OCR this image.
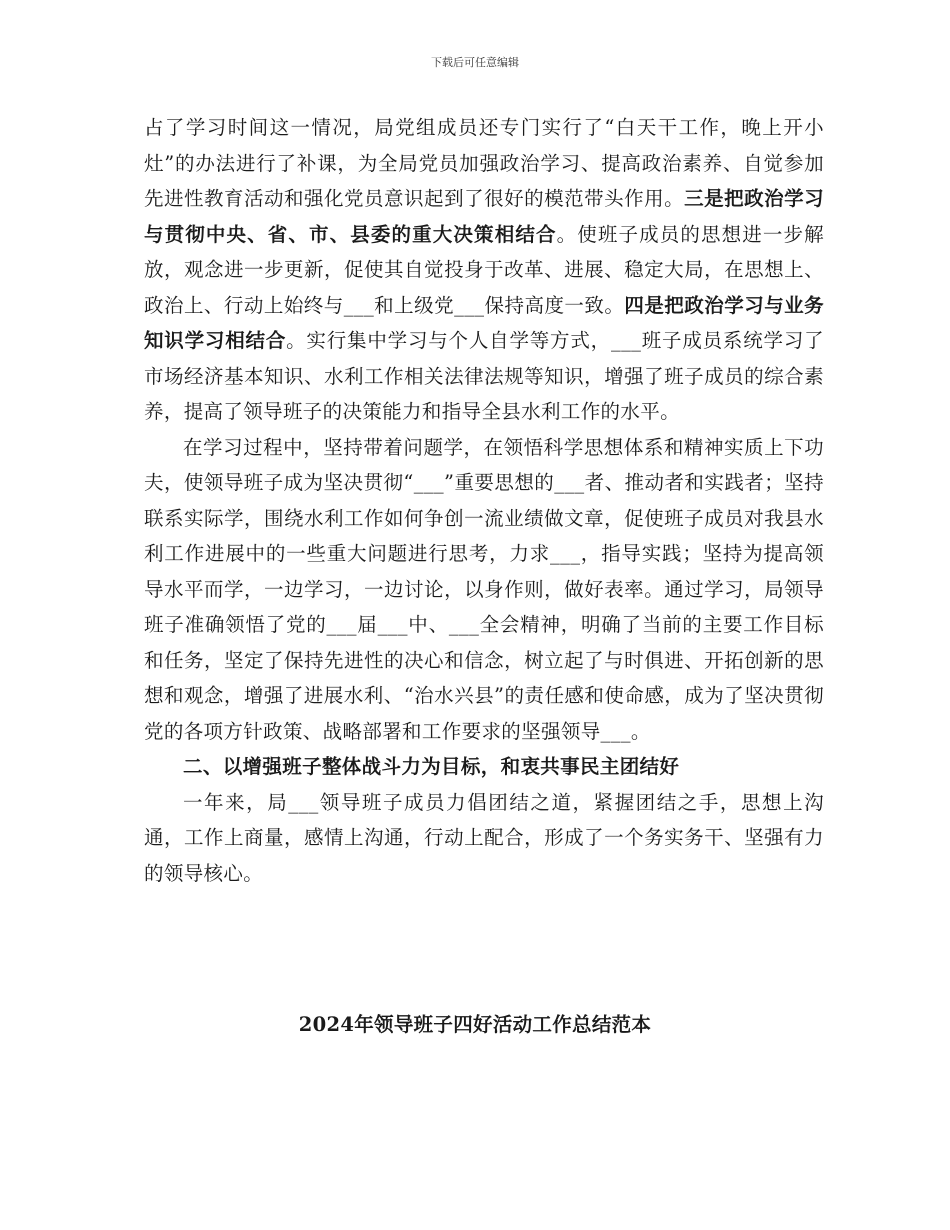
下载后可任意编辑

占了学习时间这一情况，局党组成员还专门实行了“白天干工作，晚上开小灶”的办法进行了补课，为全局党员加强政治学习、提高政治素养、自觉参加先进性教育活动和强化党员意识起到了很好的模范带头作用。三是把政治学习与贯彻中央、省、市、县委的重大决策相结合。使班子成员的思想进一步解放，观念进一步更新，促使其自觉投身于改革、进展、稳定大局，在思想上、政治上、行动上始终与___和上级党___保持高度一致。四是把政治学习与业务知识学习相结合。实行集中学习与个人自学等方式，___班子成员系统学习了市场经济基本知识、水利工作相关法律法规等知识，增强了班子成员的综合素养，提高了领导班子的决策能力和指导全县水利工作的水平。

在学习过程中，坚持带着问题学，在领悟科学思想体系和精神实质上下功夫，使领导班子成为坚决贯彻“___”重要思想的___者、推动者和实践者；坚持联系实际学，围绕水利工作如何争创一流业绩做文章，促使班子成员对我县水利工作进展中的一些重大问题进行思考，力求___，指导实践；坚持为提高领导水平而学，一边学习，一边讨论，以身作则，做好表率。通过学习，局领导班子准确领悟了党的___届___中、___全会精神，明确了当前的主要工作目标和任务，坚定了保持先进性的决心和信念，树立起了与时俱进、开拓创新的思想和观念，增强了进展水利、“治水兴县”的责任感和使命感，成为了坚决贯彻党的各项方针政策、战略部署和工作要求的坚强领导___。

二、以增强班子整体战斗力为目标，和衷共事民主团结好

一年来，局___领导班子成员力倡团结之道，紧握团结之手，思想上沟通，工作上商量，感情上沟通，行动上配合，形成了一个务实务干、坚强有力的领导核心。

2024年领导班子四好活动工作总结范本
